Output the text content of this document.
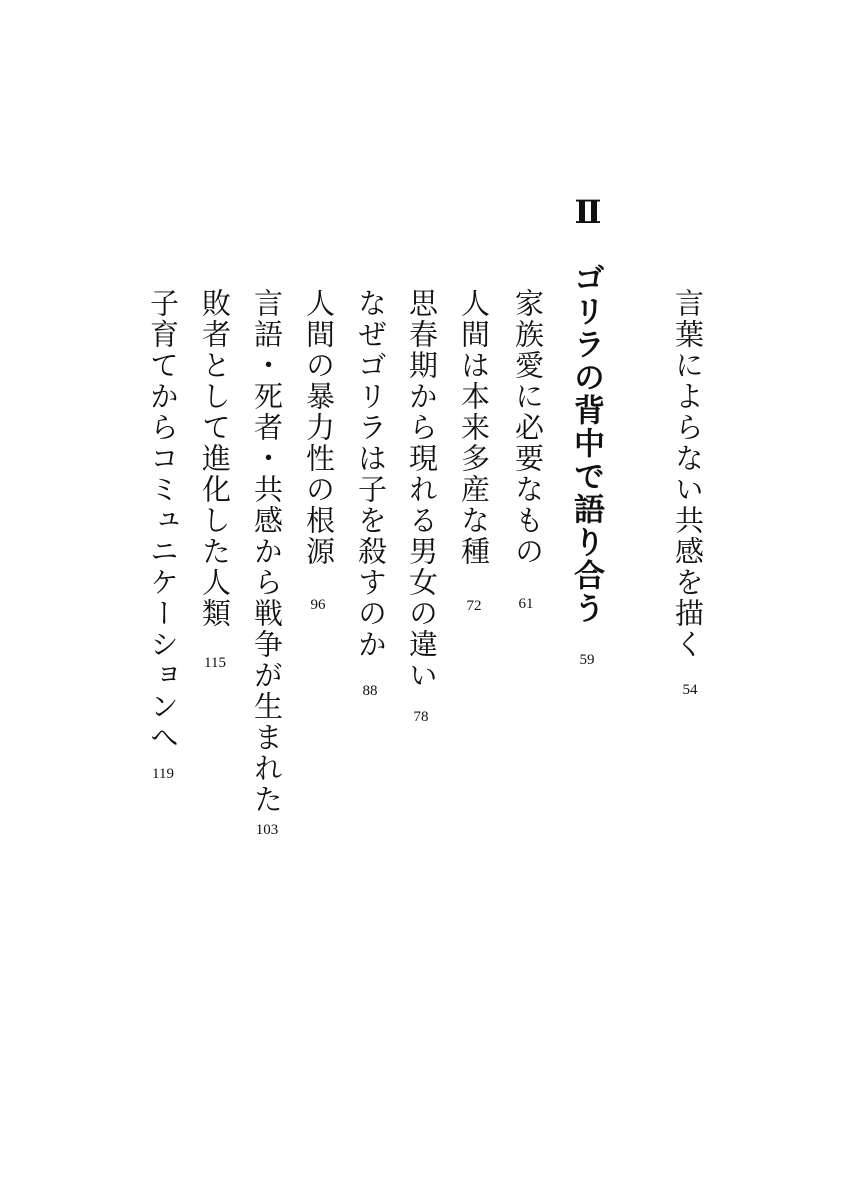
言葉によらない共感を描く
54
Ⅱ
ゴリラの背中で語り合う
59
家族愛に必要なもの
61
人間は本来多産な種
72
思春期から現れる男女の違い
78
なぜゴリラは子を殺すのか
88
人間の暴力性の根源
96
言語・死者・共感から戦争が生まれた
103
敗者として進化した人類
115
子育てからコミュニケーションへ
119
